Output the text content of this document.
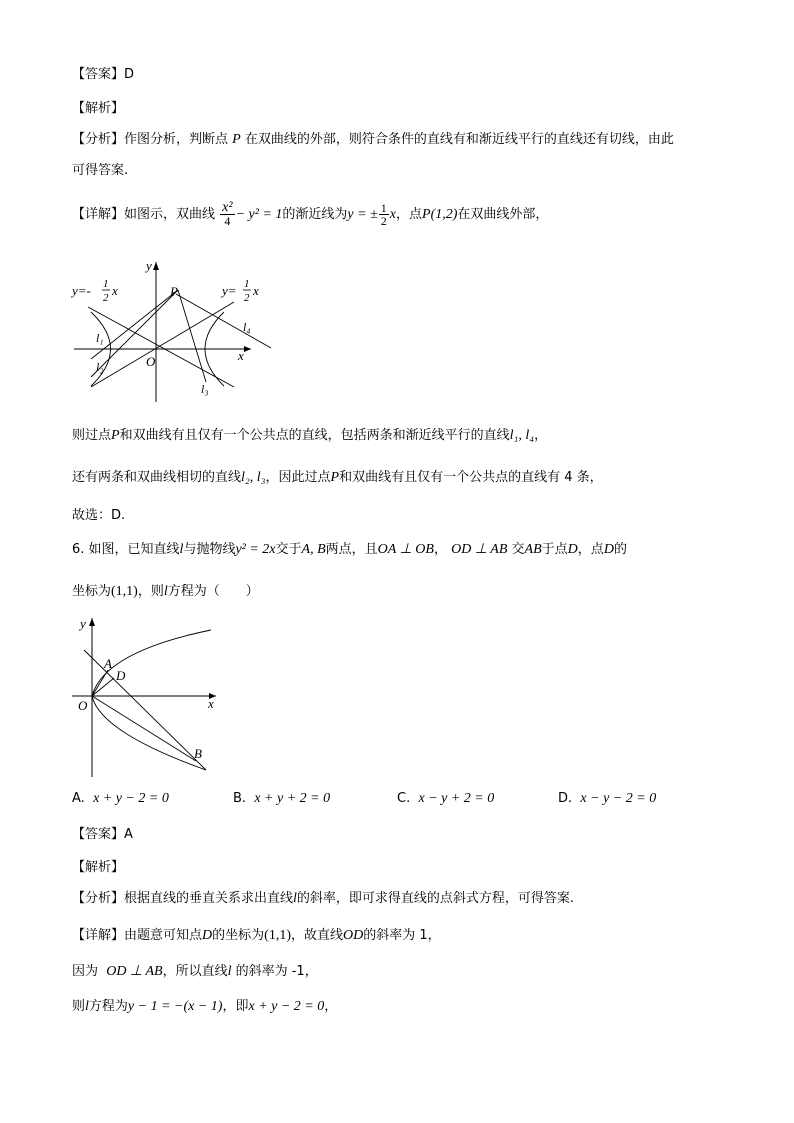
【答案】D
【解析】
【分析】作图分析，判断点 P 在双曲线的外部，则符合条件的直线有和渐近线平行的直线还有切线，由此
可得答案.
【详解】如图示，双曲线 $\frac{\text{x²}}{4} - y^2 = 1$的渐近线为y = ± $\frac{1}{2}$ x，点P(1,2)在双曲线外部，
y
x
P
O
y=- 1
2 x	y= 1
2 x
l₁
l₂
l₃
l₄
则过点P和双曲线有且仅有一个公共点的直线，包括两条和渐近线平行的直线l₁, l₄，
还有两条和双曲线相切的直线l₂, l₃，因此过点P和双曲线有且仅有一个公共点的直线有 4 条，
故选：D.
6. 如图，已知直线l与抛物线y² = 2x交于A, B两点，且OA ⊥ OB， OD ⊥ AB 交AB于点D，点D的
坐标为(1,1)，则l方程为（　　）
y
x
O
A
D
B
A. x + y − 2 = 0	B. x + y + 2 = 0	C. x − y + 2 = 0	D. x − y − 2 = 0
【答案】A
【解析】
【分析】根据直线的垂直关系求出直线l的斜率，即可求得直线的点斜式方程，可得答案.
【详解】由题意可知点D的坐标为(1,1)，故直线OD的斜率为 1，
因为 OD ⊥ AB，所以直线l 的斜率为 -1，
则l方程为y − 1 = −(x − 1)，即x + y − 2 = 0，
